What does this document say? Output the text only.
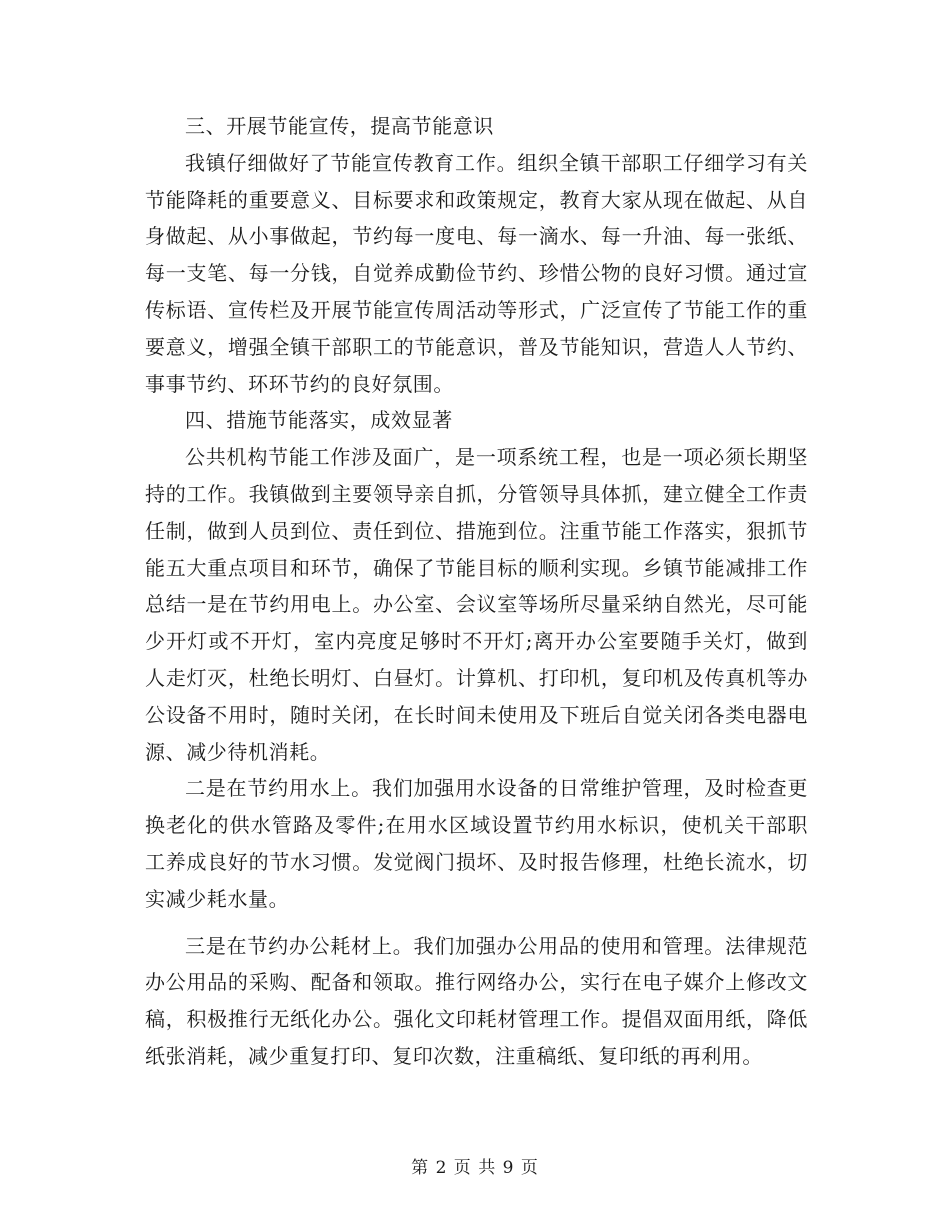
三、开展节能宣传，提高节能意识

我镇仔细做好了节能宣传教育工作。组织全镇干部职工仔细学习有关节能降耗的重要意义、目标要求和政策规定，教育大家从现在做起、从自身做起、从小事做起，节约每一度电、每一滴水、每一升油、每一张纸、每一支笔、每一分钱，自觉养成勤俭节约、珍惜公物的良好习惯。通过宣传标语、宣传栏及开展节能宣传周活动等形式，广泛宣传了节能工作的重要意义，增强全镇干部职工的节能意识，普及节能知识，营造人人节约、事事节约、环环节约的良好氛围。

四、措施节能落实，成效显著

公共机构节能工作涉及面广，是一项系统工程，也是一项必须长期坚持的工作。我镇做到主要领导亲自抓，分管领导具体抓，建立健全工作责任制，做到人员到位、责任到位、措施到位。注重节能工作落实，狠抓节能五大重点项目和环节，确保了节能目标的顺利实现。乡镇节能减排工作总结一是在节约用电上。办公室、会议室等场所尽量采纳自然光，尽可能少开灯或不开灯，室内亮度足够时不开灯;离开办公室要随手关灯，做到人走灯灭，杜绝长明灯、白昼灯。计算机、打印机，复印机及传真机等办公设备不用时，随时关闭，在长时间未使用及下班后自觉关闭各类电器电源、减少待机消耗。

二是在节约用水上。我们加强用水设备的日常维护管理，及时检查更换老化的供水管路及零件;在用水区域设置节约用水标识，使机关干部职工养成良好的节水习惯。发觉阀门损坏、及时报告修理，杜绝长流水，切实减少耗水量。

三是在节约办公耗材上。我们加强办公用品的使用和管理。法律规范办公用品的采购、配备和领取。推行网络办公，实行在电子媒介上修改文稿，积极推行无纸化办公。强化文印耗材管理工作。提倡双面用纸，降低纸张消耗，减少重复打印、复印次数，注重稿纸、复印纸的再利用。

第 2 页 共 9 页
